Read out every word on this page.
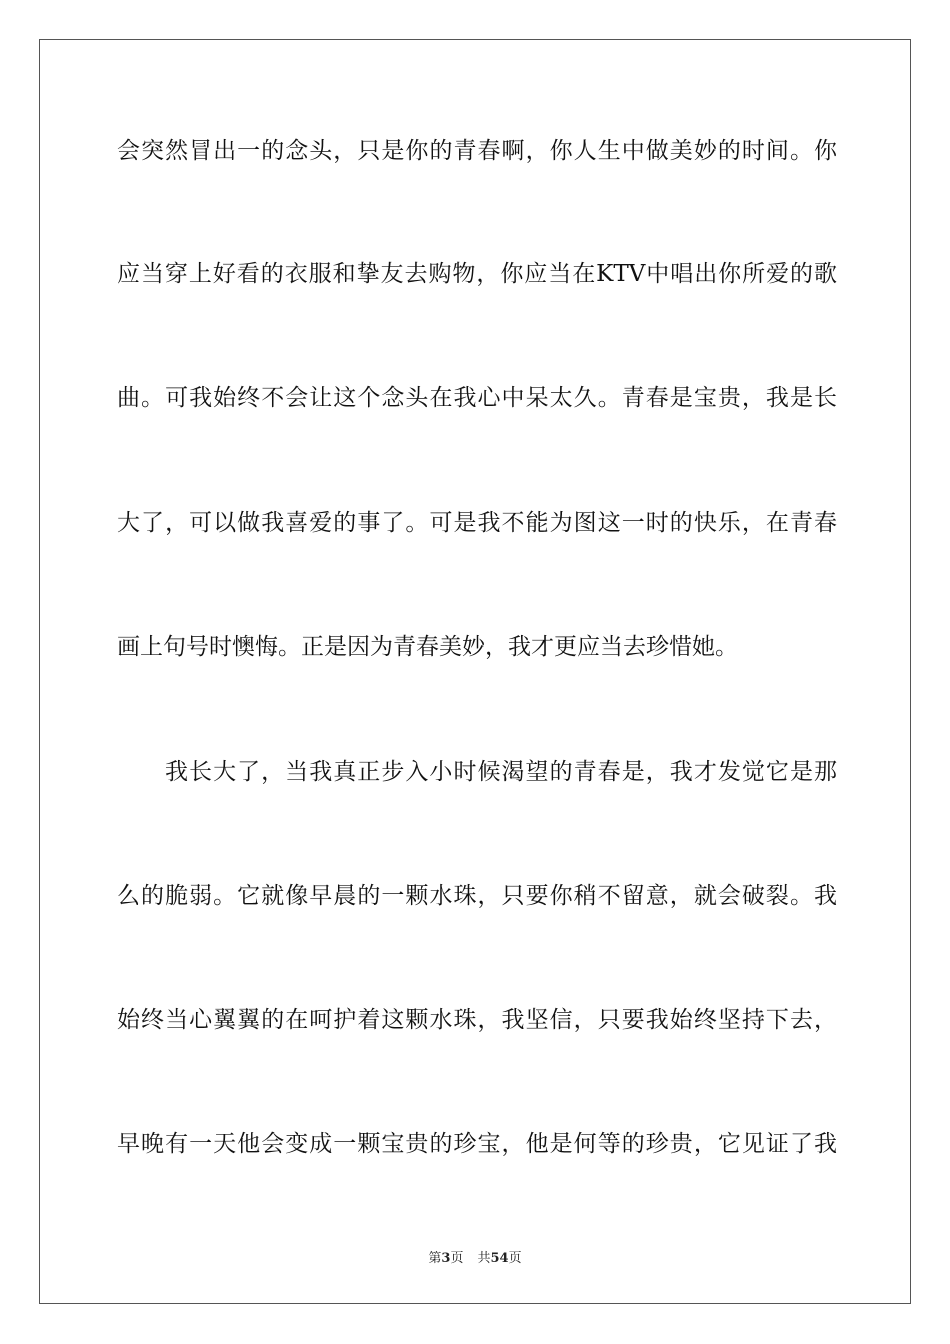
会突然冒出一的念头，只是你的青春啊，你人生中做美妙的时间。你
应当穿上好看的衣服和挚友去购物，你应当在KTV中唱出你所爱的歌
曲。可我始终不会让这个念头在我心中呆太久。青春是宝贵，我是长
大了，可以做我喜爱的事了。可是我不能为图这一时的快乐，在青春
画上句号时懊悔。正是因为青春美妙，我才更应当去珍惜她。
我长大了，当我真正步入小时候渴望的青春是，我才发觉它是那
么的脆弱。它就像早晨的一颗水珠，只要你稍不留意，就会破裂。我
始终当心翼翼的在呵护着这颗水珠，我坚信，只要我始终坚持下去，
早晚有一天他会变成一颗宝贵的珍宝，他是何等的珍贵，它见证了我
第3页 共54页
